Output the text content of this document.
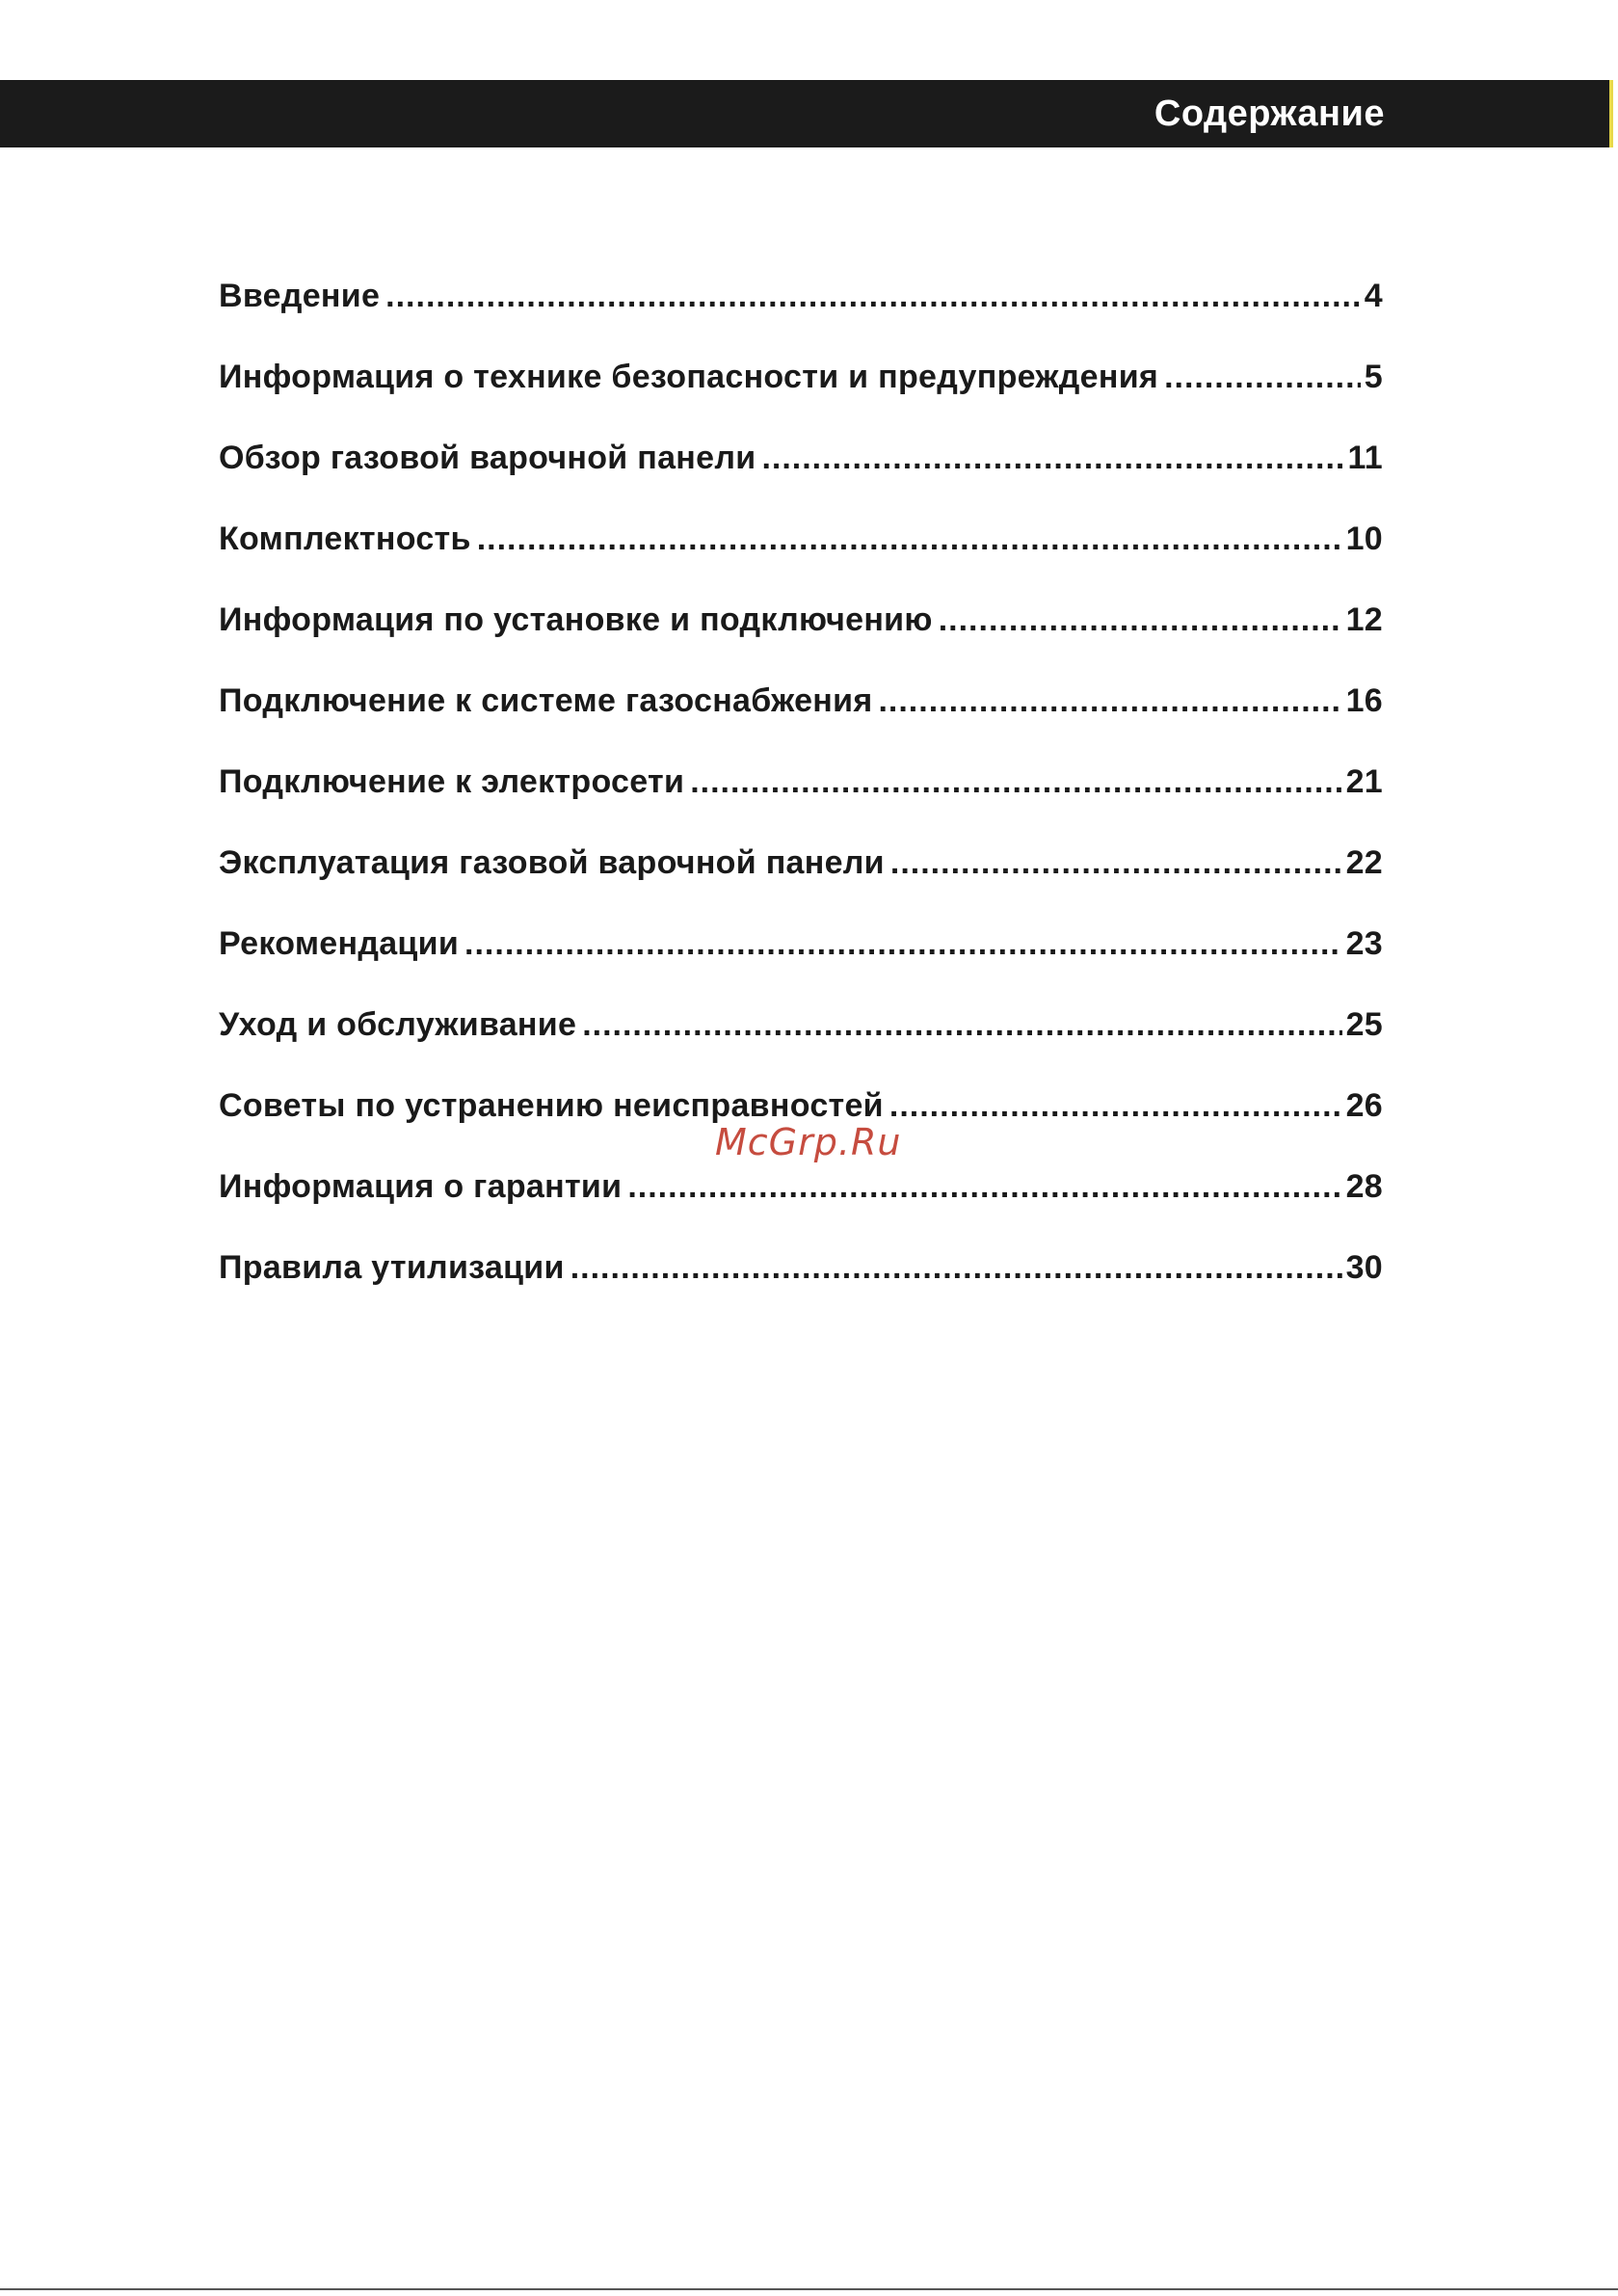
Содержание
Введение .....	4
Информация о технике безопасности и предупреждения .....	5
Обзор газовой варочной панели .....	11
Комплектность .....	10
Информация по установке и подключению .....	12
Подключение к системе газоснабжения .....	16
Подключение к электросети .....	21
Эксплуатация газовой варочной панели .....	22
Рекомендации .....	23
Уход и обслуживание .....	25
Советы по устранению неисправностей .....	26
Информация о гарантии .....	28
Правила утилизации .....	30
McGrp.Ru
